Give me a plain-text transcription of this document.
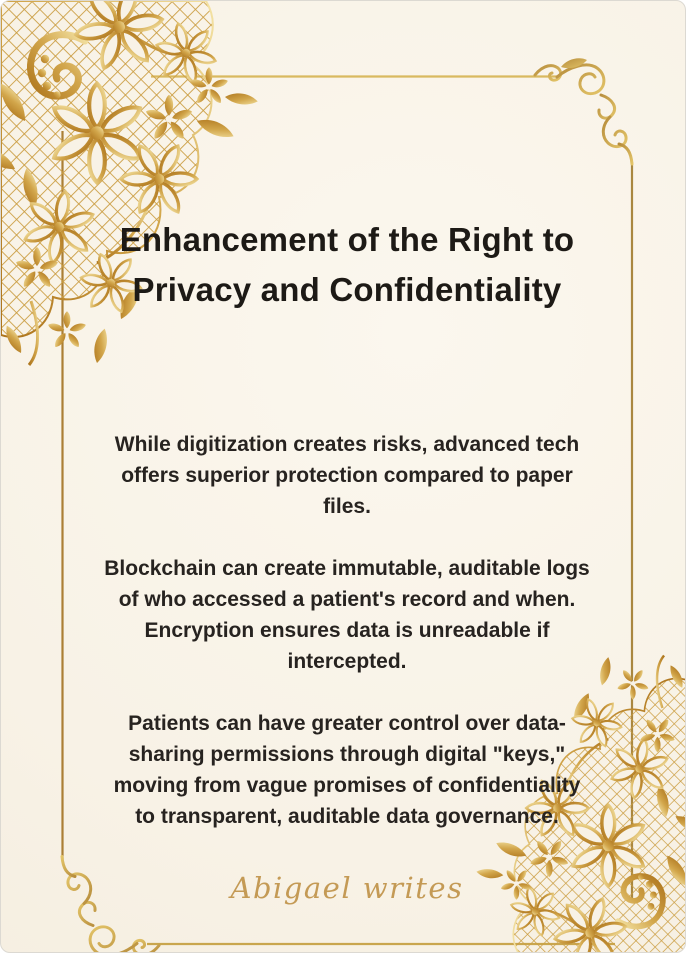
Enhancement of the Right to
Privacy and Confidentiality

While digitization creates risks, advanced tech
offers superior protection compared to paper
files.

Blockchain can create immutable, auditable logs
of who accessed a patient's record and when.
Encryption ensures data is unreadable if
intercepted.

Patients can have greater control over data-
sharing permissions through digital "keys,"
moving from vague promises of confidentiality
to transparent, auditable data governance.

Abigael writes
